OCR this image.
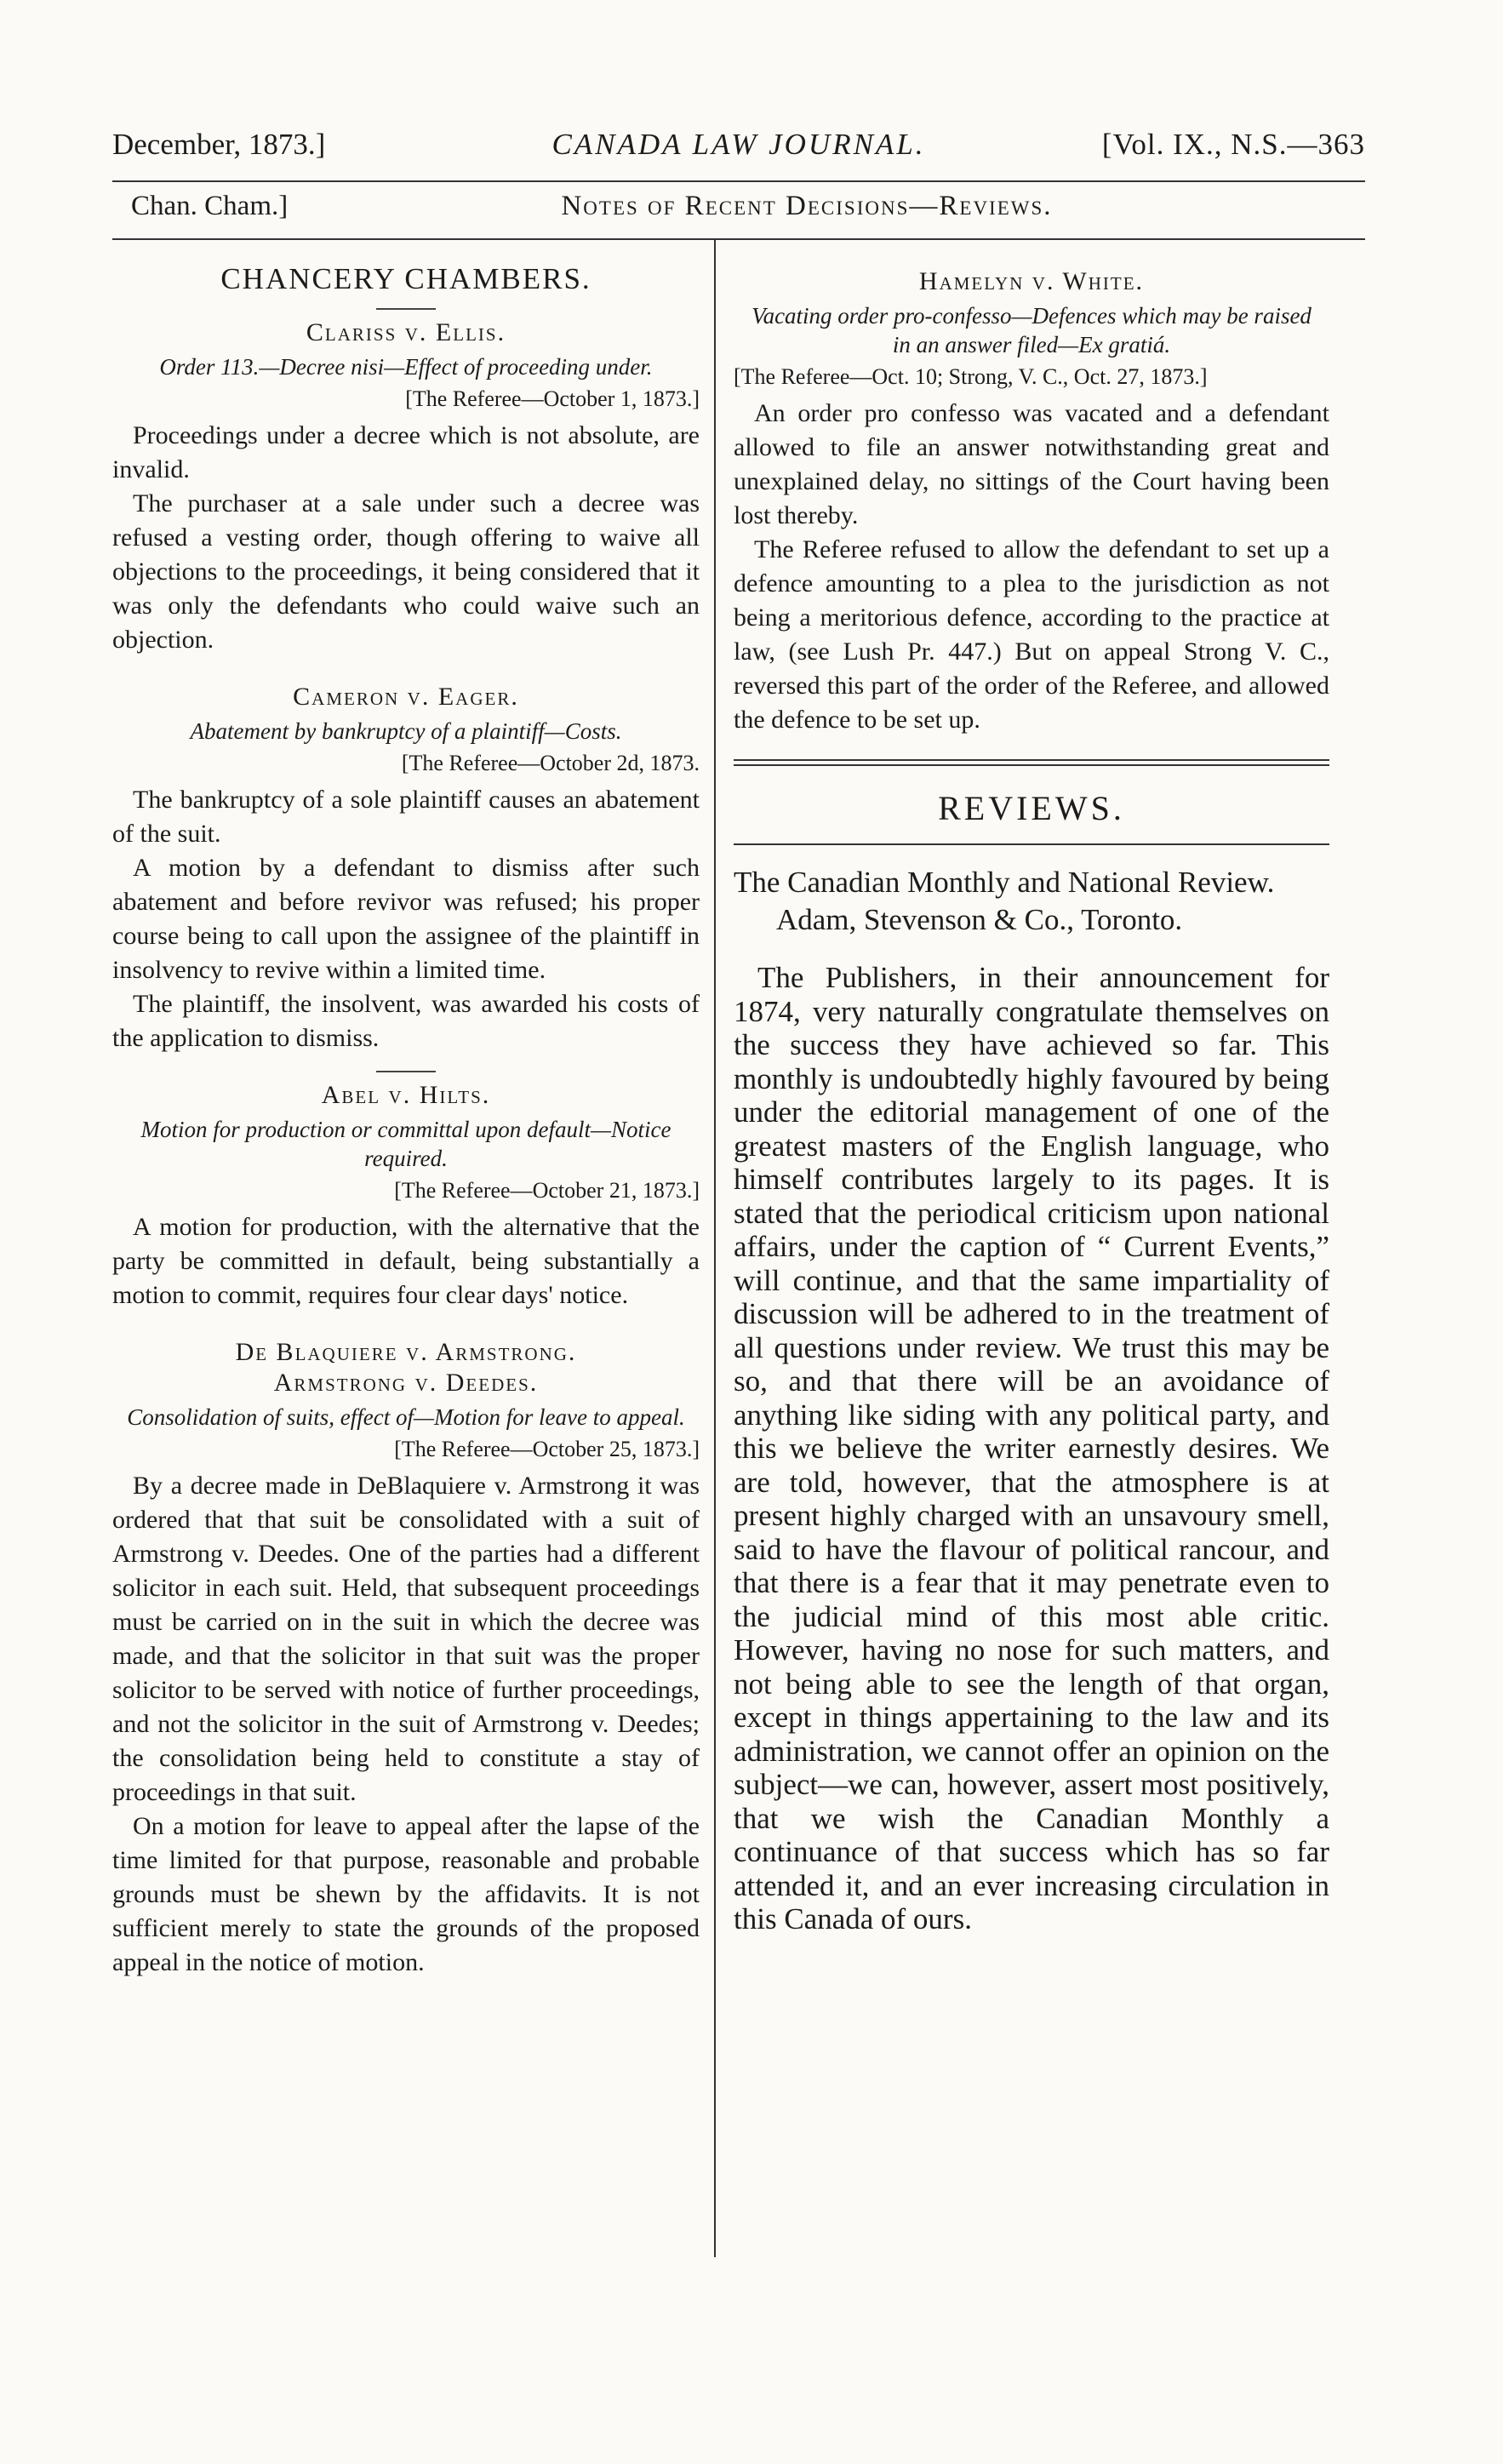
December, 1873.]	CANADA LAW JOURNAL.	[Vol. IX., N.S.—363
Chan. Cham.]	Notes of Recent Decisions—Reviews.
CHANCERY CHAMBERS.
Clariss v. Ellis.
Order 113.—Decree nisi—Effect of proceeding under.
[The Referee—October 1, 1873.]

Proceedings under a decree which is not absolute, are invalid.

The purchaser at a sale under such a decree was refused a vesting order, though offering to waive all objections to the proceedings, it being considered that it was only the defendants who could waive such an objection.

Cameron v. Eager.
Abatement by bankruptcy of a plaintiff—Costs.
[The Referee—October 2d, 1873.

The bankruptcy of a sole plaintiff causes an abatement of the suit.

A motion by a defendant to dismiss after such abatement and before revivor was refused; his proper course being to call upon the assignee of the plaintiff in insolvency to revive within a limited time.

The plaintiff, the insolvent, was awarded his costs of the application to dismiss.

Abel v. Hilts.
Motion for production or committal upon default—Notice required.
[The Referee—October 21, 1873.]

A motion for production, with the alternative that the party be committed in default, being substantially a motion to commit, requires four clear days' notice.

De Blaquiere v. Armstrong.
Armstrong v. Deedes.
Consolidation of suits, effect of—Motion for leave to appeal.
[The Referee—October 25, 1873.]

By a decree made in DeBlaquiere v. Armstrong it was ordered that that suit be consolidated with a suit of Armstrong v. Deedes. One of the parties had a different solicitor in each suit. Held, that subsequent proceedings must be carried on in the suit in which the decree was made, and that the solicitor in that suit was the proper solicitor to be served with notice of further proceedings, and not the solicitor in the suit of Armstrong v. Deedes; the consolidation being held to constitute a stay of proceedings in that suit.

On a motion for leave to appeal after the lapse of the time limited for that purpose, reasonable and probable grounds must be shewn by the affidavits. It is not sufficient merely to state the grounds of the proposed appeal in the notice of motion.

Hamelyn v. White.
Vacating order pro-confesso—Defences which may be raised in an answer filed—Ex gratiá.
[The Referee—Oct. 10; Strong, V. C., Oct. 27, 1873.]

An order pro confesso was vacated and a defendant allowed to file an answer notwithstanding great and unexplained delay, no sittings of the Court having been lost thereby.

The Referee refused to allow the defendant to set up a defence amounting to a plea to the jurisdiction as not being a meritorious defence, according to the practice at law, (see Lush Pr. 447.) But on appeal Strong V. C., reversed this part of the order of the Referee, and allowed the defence to be set up.

REVIEWS.
The Canadian Monthly and National Review. Adam, Stevenson & Co., Toronto.

The Publishers, in their announcement for 1874, very naturally congratulate themselves on the success they have achieved so far. This monthly is undoubtedly highly favoured by being under the editorial management of one of the greatest masters of the English language, who himself contributes largely to its pages. It is stated that the periodical criticism upon national affairs, under the caption of “ Current Events,” will continue, and that the same impartiality of discussion will be adhered to in the treatment of all questions under review. We trust this may be so, and that there will be an avoidance of anything like siding with any political party, and this we believe the writer earnestly desires. We are told, however, that the atmosphere is at present highly charged with an unsavoury smell, said to have the flavour of political rancour, and that there is a fear that it may penetrate even to the judicial mind of this most able critic. However, having no nose for such matters, and not being able to see the length of that organ, except in things appertaining to the law and its administration, we cannot offer an opinion on the subject—we can, however, assert most positively, that we wish the Canadian Monthly a continuance of that success which has so far attended it, and an ever increasing circulation in this Canada of ours.
